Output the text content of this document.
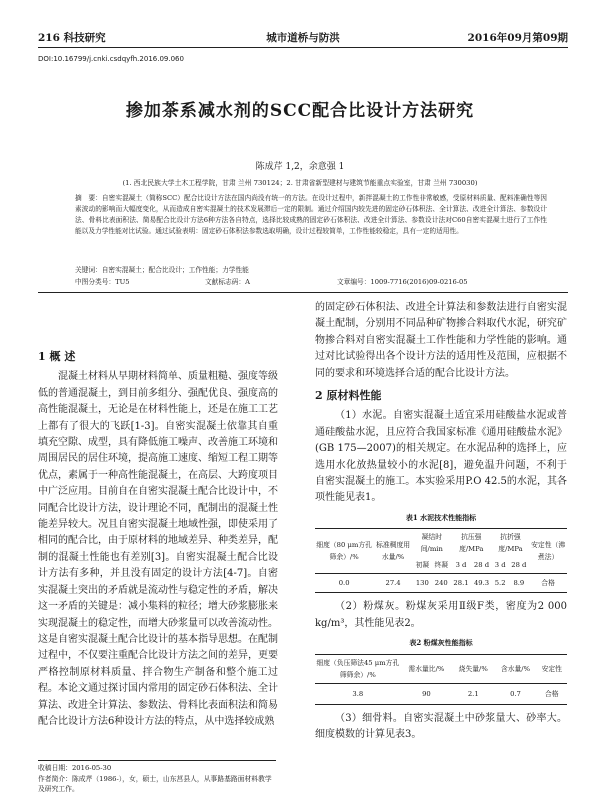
216 科技研究	城市道桥与防洪	2016年09月第09期
DOI:10.16799/j.cnki.csdqyfh.2016.09.060
掺加茶系减水剂的SCC配合比设计方法研究
陈成芹 1,2，余意强 1
(1. 西北民族大学土木工程学院，甘肃 兰州 730124；2. 甘肃省新型建材与建筑节能重点实验室，甘肃 兰州 730030)
摘　要：自密实混凝土（简称SCC）配合比设计方法在国内尚没有统一的方法。在设计过程中，新拌混凝土的工作性非常敏感，受原材料质量、配料准确性等因素波动的影响而大幅度变化，从而造成自密实混凝土的技术发展滞后一定的限制。通过介绍国内较先进的固定砂石体积法、全计算法、改进全计算法、参数设计法、骨料比表面积法、简易配合比设计方法6种方法各自特点，选择比较成熟的固定砂石体积法、改进全计算法、参数设计法对C60自密实混凝土进行了工作性能以及力学性能对比试验。通过试验表明：固定砂石体积法参数选取明确，设计过程较简单，工作性能较稳定，具有一定的适用性。
关键词：自密实混凝土；配合比设计；工作性能；力学性能
中图分类号：TU5	文献标志码：A	文章编号：1009-7716(2016)09-0216-05
1 概 述

混凝土材料从早期材料简单、质量粗糙、强度等级低的普通混凝土，到目前多组分、强配优良、强度高的高性能混凝土，无论是在材料性能上，还是在施工工艺上都有了很大的飞跃[1-3]。自密实混凝土依靠其自重填充空隙、成型，具有降低施工噪声、改善施工环境和周围居民的居住环境，提高施工速度、缩短工程工期等优点，素属于一种高性能混凝土，在高层、大跨度项目中广泛应用。目前自在自密实混凝土配合比设计中，不同配合比设计方法，设计理论不同，配制出的混凝土性能差异较大。况且自密实混凝土地域性强，即使采用了相同的配合比，由于原材料的地域差异、种类差异，配制的混凝土性能也有差别[3]。自密实混凝土配合比设计方法有多种，并且没有固定的设计方法[4-7]。自密实混凝土突出的矛盾就是流动性与稳定性的矛盾，解决这一矛盾的关键是：减小集料的粒径；增大砂浆膨胀来实现混凝土的稳定性，而增大砂浆量可以改善流动性。这是自密实混凝土配合比设计的基本指导思想。在配制过程中，不仅要注重配合比设计方法之间的差异，更要严格控制原材料质量、拌合物生产制备和整个施工过程。本论文通过探讨国内常用的固定砂石体积法、全计算法、改进全计算法、参数法、骨料比表面积法和简易配合比设计方法6种设计方法的特点，从中选择较成熟

的固定砂石体积法、改进全计算法和参数法进行自密实混凝土配制，分别用不同品种矿物掺合料取代水泥，研究矿物掺合料对自密实混凝土工作性能和力学性能的影响。通过对比试验得出各个设计方法的适用性及范围，应根据不同的要求和环境选择合适的配合比设计方法。

2 原材料性能

（1）水泥。自密实混凝土适宜采用硅酸盐水泥或普通硅酸盐水泥，且应符合我国家标准《通用硅酸盐水泥》(GB 175—2007)的相关规定。在水泥品种的选择上，应选用水化放热量较小的水泥[8]，避免温升问题，不利于自密实混凝土的施工。本实验采用P.O 42.5的水泥，其各项性能见表1。

表1 水泥技术性能指标
细度（80 μm方孔筛余）/%	标准稠度用水量/%	凝结时间/min		抗压强度/MPa		抗折强度/MPa		安定性（沸煮法）
		初凝	终凝	3 d	28 d	3 d	28 d	
0.0	27.4	130	240	28.1	49.3	5.2	8.9	合格

（2）粉煤灰。粉煤灰采用Ⅱ级F类，密度为2 000 kg/m³，其性能见表2。

表2 粉煤灰性能指标
细度（负压筛法45 μm方孔筛筛余）/%	需水量比/%	烧失量/%	含水量/%	安定性
3.8	90	2.1	0.7	合格

（3）细骨料。自密实混凝土中砂浆量大、砂率大。细度模数的计算见表3。

收稿日期：2016-05-30
作者简介：陈成芹（1986-），女，硕士，山东莒县人，从事路基路面材料教学及研究工作。
